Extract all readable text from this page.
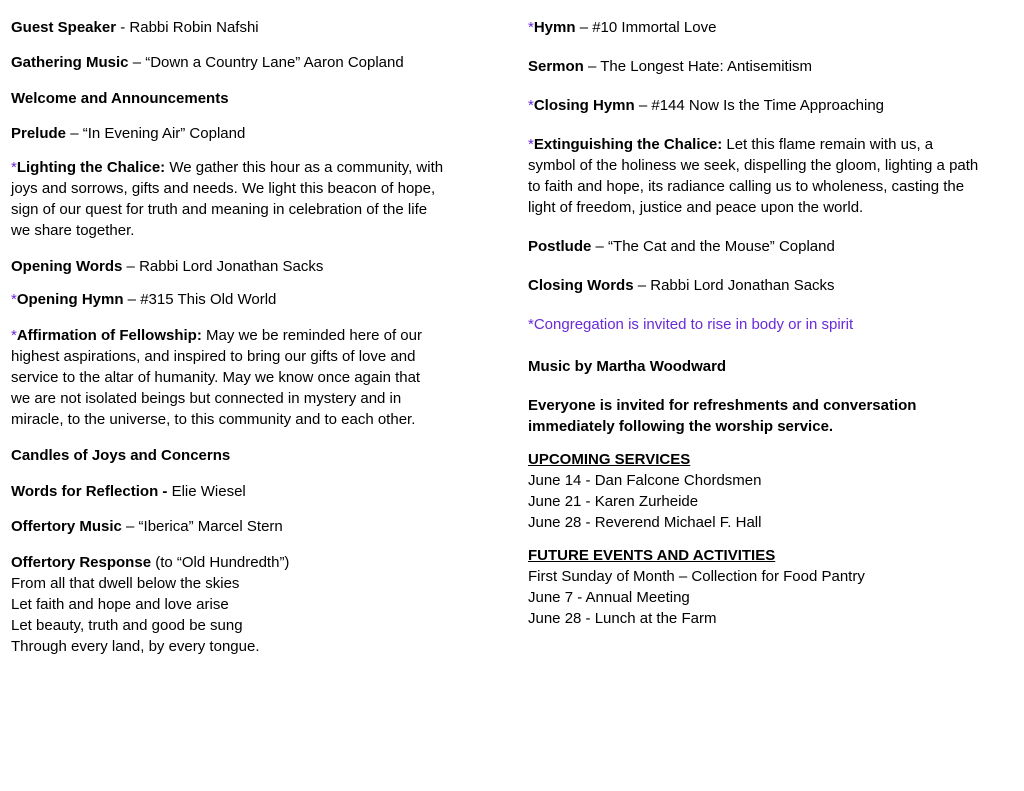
Guest Speaker - Rabbi Robin Nafshi

Gathering Music – “Down a Country Lane” Aaron Copland

Welcome and Announcements

Prelude – “In Evening Air” Copland

*Lighting the Chalice: We gather this hour as a community, with
joys and sorrows, gifts and needs. We light this beacon of hope,
sign of our quest for truth and meaning in celebration of the life
we share together.

Opening Words – Rabbi Lord Jonathan Sacks

*Opening Hymn – #315 This Old World

*Affirmation of Fellowship: May we be reminded here of our
highest aspirations, and inspired to bring our gifts of love and
service to the altar of humanity. May we know once again that
we are not isolated beings but connected in mystery and in
miracle, to the universe, to this community and to each other.

Candles of Joys and Concerns

Words for Reflection - Elie Wiesel

Offertory Music – “Iberica” Marcel Stern

Offertory Response (to “Old Hundredth”)
From all that dwell below the skies
Let faith and hope and love arise
Let beauty, truth and good be sung
Through every land, by every tongue.

*Hymn – #10 Immortal Love

Sermon – The Longest Hate: Antisemitism

*Closing Hymn – #144 Now Is the Time Approaching

*Extinguishing the Chalice: Let this flame remain with us, a
symbol of the holiness we seek, dispelling the gloom, lighting a path
to faith and hope, its radiance calling us to wholeness, casting the
light of freedom, justice and peace upon the world.

Postlude – “The Cat and the Mouse” Copland

Closing Words – Rabbi Lord Jonathan Sacks

*Congregation is invited to rise in body or in spirit

Music by Martha Woodward

Everyone is invited for refreshments and conversation
immediately following the worship service.

UPCOMING SERVICES
June 14 - Dan Falcone Chordsmen
June 21 - Karen Zurheide
June 28 - Reverend Michael F. Hall

FUTURE EVENTS AND ACTIVITIES
First Sunday of Month – Collection for Food Pantry
June 7 - Annual Meeting
June 28 - Lunch at the Farm
